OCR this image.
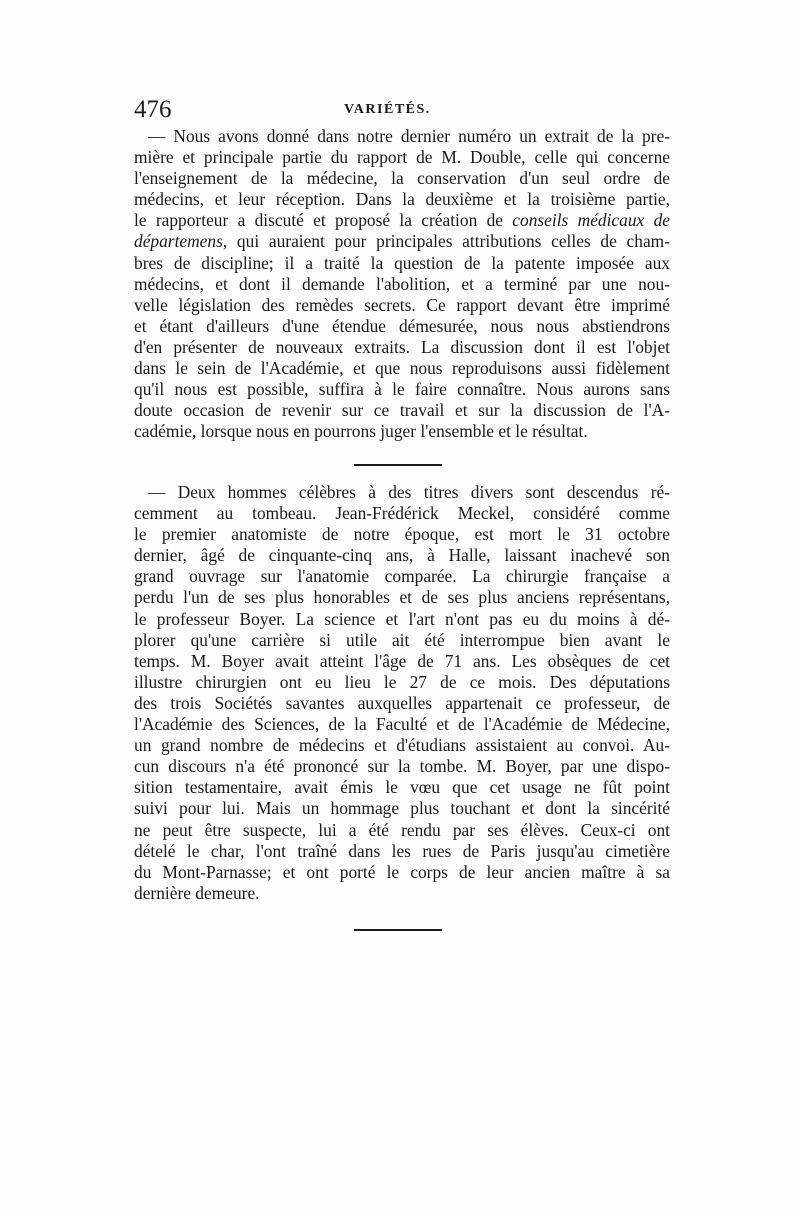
476	VARIÉTÉS.
— Nous avons donné dans notre dernier numéro un extrait de la pre-
mière et principale partie du rapport de M. Double, celle qui concerne
l'enseignement de la médecine, la conservation d'un seul ordre de
médecins, et leur réception. Dans la deuxième et la troisième partie,
le rapporteur a discuté et proposé la création de conseils médicaux de
départemens, qui auraient pour principales attributions celles de cham-
bres de discipline; il a traité la question de la patente imposée aux
médecins, et dont il demande l'abolition, et a terminé par une nou-
velle législation des remèdes secrets. Ce rapport devant être imprimé
et étant d'ailleurs d'une étendue démesurée, nous nous abstiendrons
d'en présenter de nouveaux extraits. La discussion dont il est l'objet
dans le sein de l'Académie, et que nous reproduisons aussi fidèlement
qu'il nous est possible, suffira à le faire connaître. Nous aurons sans
doute occasion de revenir sur ce travail et sur la discussion de l'A-
cadémie, lorsque nous en pourrons juger l'ensemble et le résultat.
— Deux hommes célèbres à des titres divers sont descendus ré-
cemment au tombeau. Jean-Frédérick Meckel, considéré comme
le premier anatomiste de notre époque, est mort le 31 octobre
dernier, âgé de cinquante-cinq ans, à Halle, laissant inachevé son
grand ouvrage sur l'anatomie comparée. La chirurgie française a
perdu l'un de ses plus honorables et de ses plus anciens représentans,
le professeur Boyer. La science et l'art n'ont pas eu du moins à dé-
plorer qu'une carrière si utile ait été interrompue bien avant le
temps. M. Boyer avait atteint l'âge de 71 ans. Les obsèques de cet
illustre chirurgien ont eu lieu le 27 de ce mois. Des députations
des trois Sociétés savantes auxquelles appartenait ce professeur, de
l'Académie des Sciences, de la Faculté et de l'Académie de Médecine,
un grand nombre de médecins et d'étudians assistaient au convoi. Au-
cun discours n'a été prononcé sur la tombe. M. Boyer, par une dispo-
sition testamentaire, avait émis le vœu que cet usage ne fût point
suivi pour lui. Mais un hommage plus touchant et dont la sincérité
ne peut être suspecte, lui a été rendu par ses élèves. Ceux-ci ont
dételé le char, l'ont traîné dans les rues de Paris jusqu'au cimetière
du Mont-Parnasse; et ont porté le corps de leur ancien maître à sa
dernière demeure.
